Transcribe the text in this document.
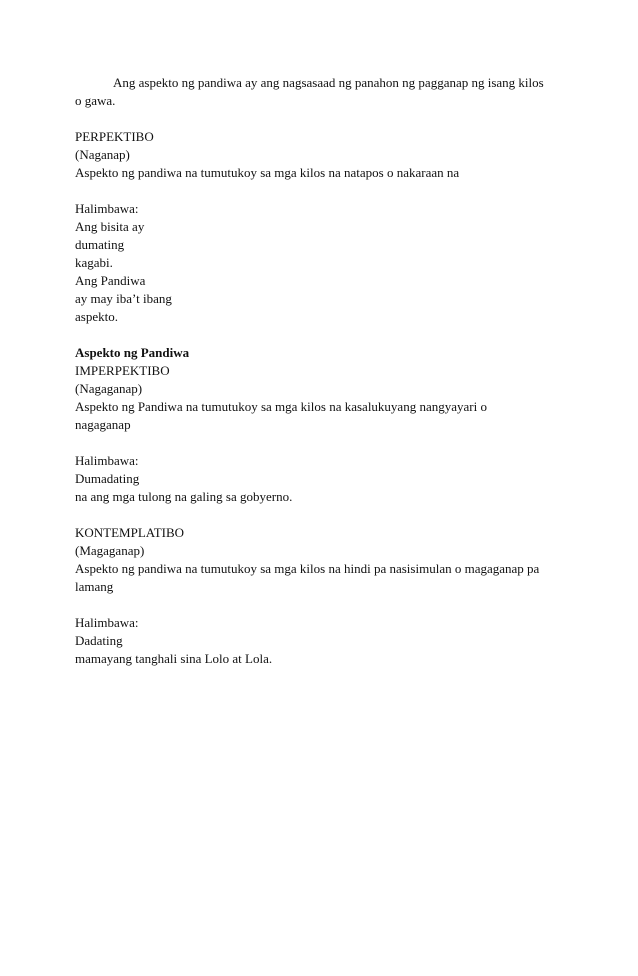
Ang aspekto ng pandiwa ay ang nagsasaad ng panahon ng pagganap ng isang kilos
o gawa.
PERPEKTIBO
(Naganap)
Aspekto ng pandiwa na tumutukoy sa mga kilos na natapos o nakaraan na
Halimbawa:
Ang bisita ay
dumating
kagabi.
Ang Pandiwa
ay may iba’t ibang
aspekto.
Aspekto ng Pandiwa
IMPERPEKTIBO
(Nagaganap)
Aspekto ng Pandiwa na tumutukoy sa mga kilos na kasalukuyang nangyayari o
nagaganap
Halimbawa:
Dumadating
na ang mga tulong na galing sa gobyerno.
KONTEMPLATIBO
(Magaganap)
Aspekto ng pandiwa na tumutukoy sa mga kilos na hindi pa nasisimulan o magaganap pa
lamang
Halimbawa:
Dadating
mamayang tanghali sina Lolo at Lola.
